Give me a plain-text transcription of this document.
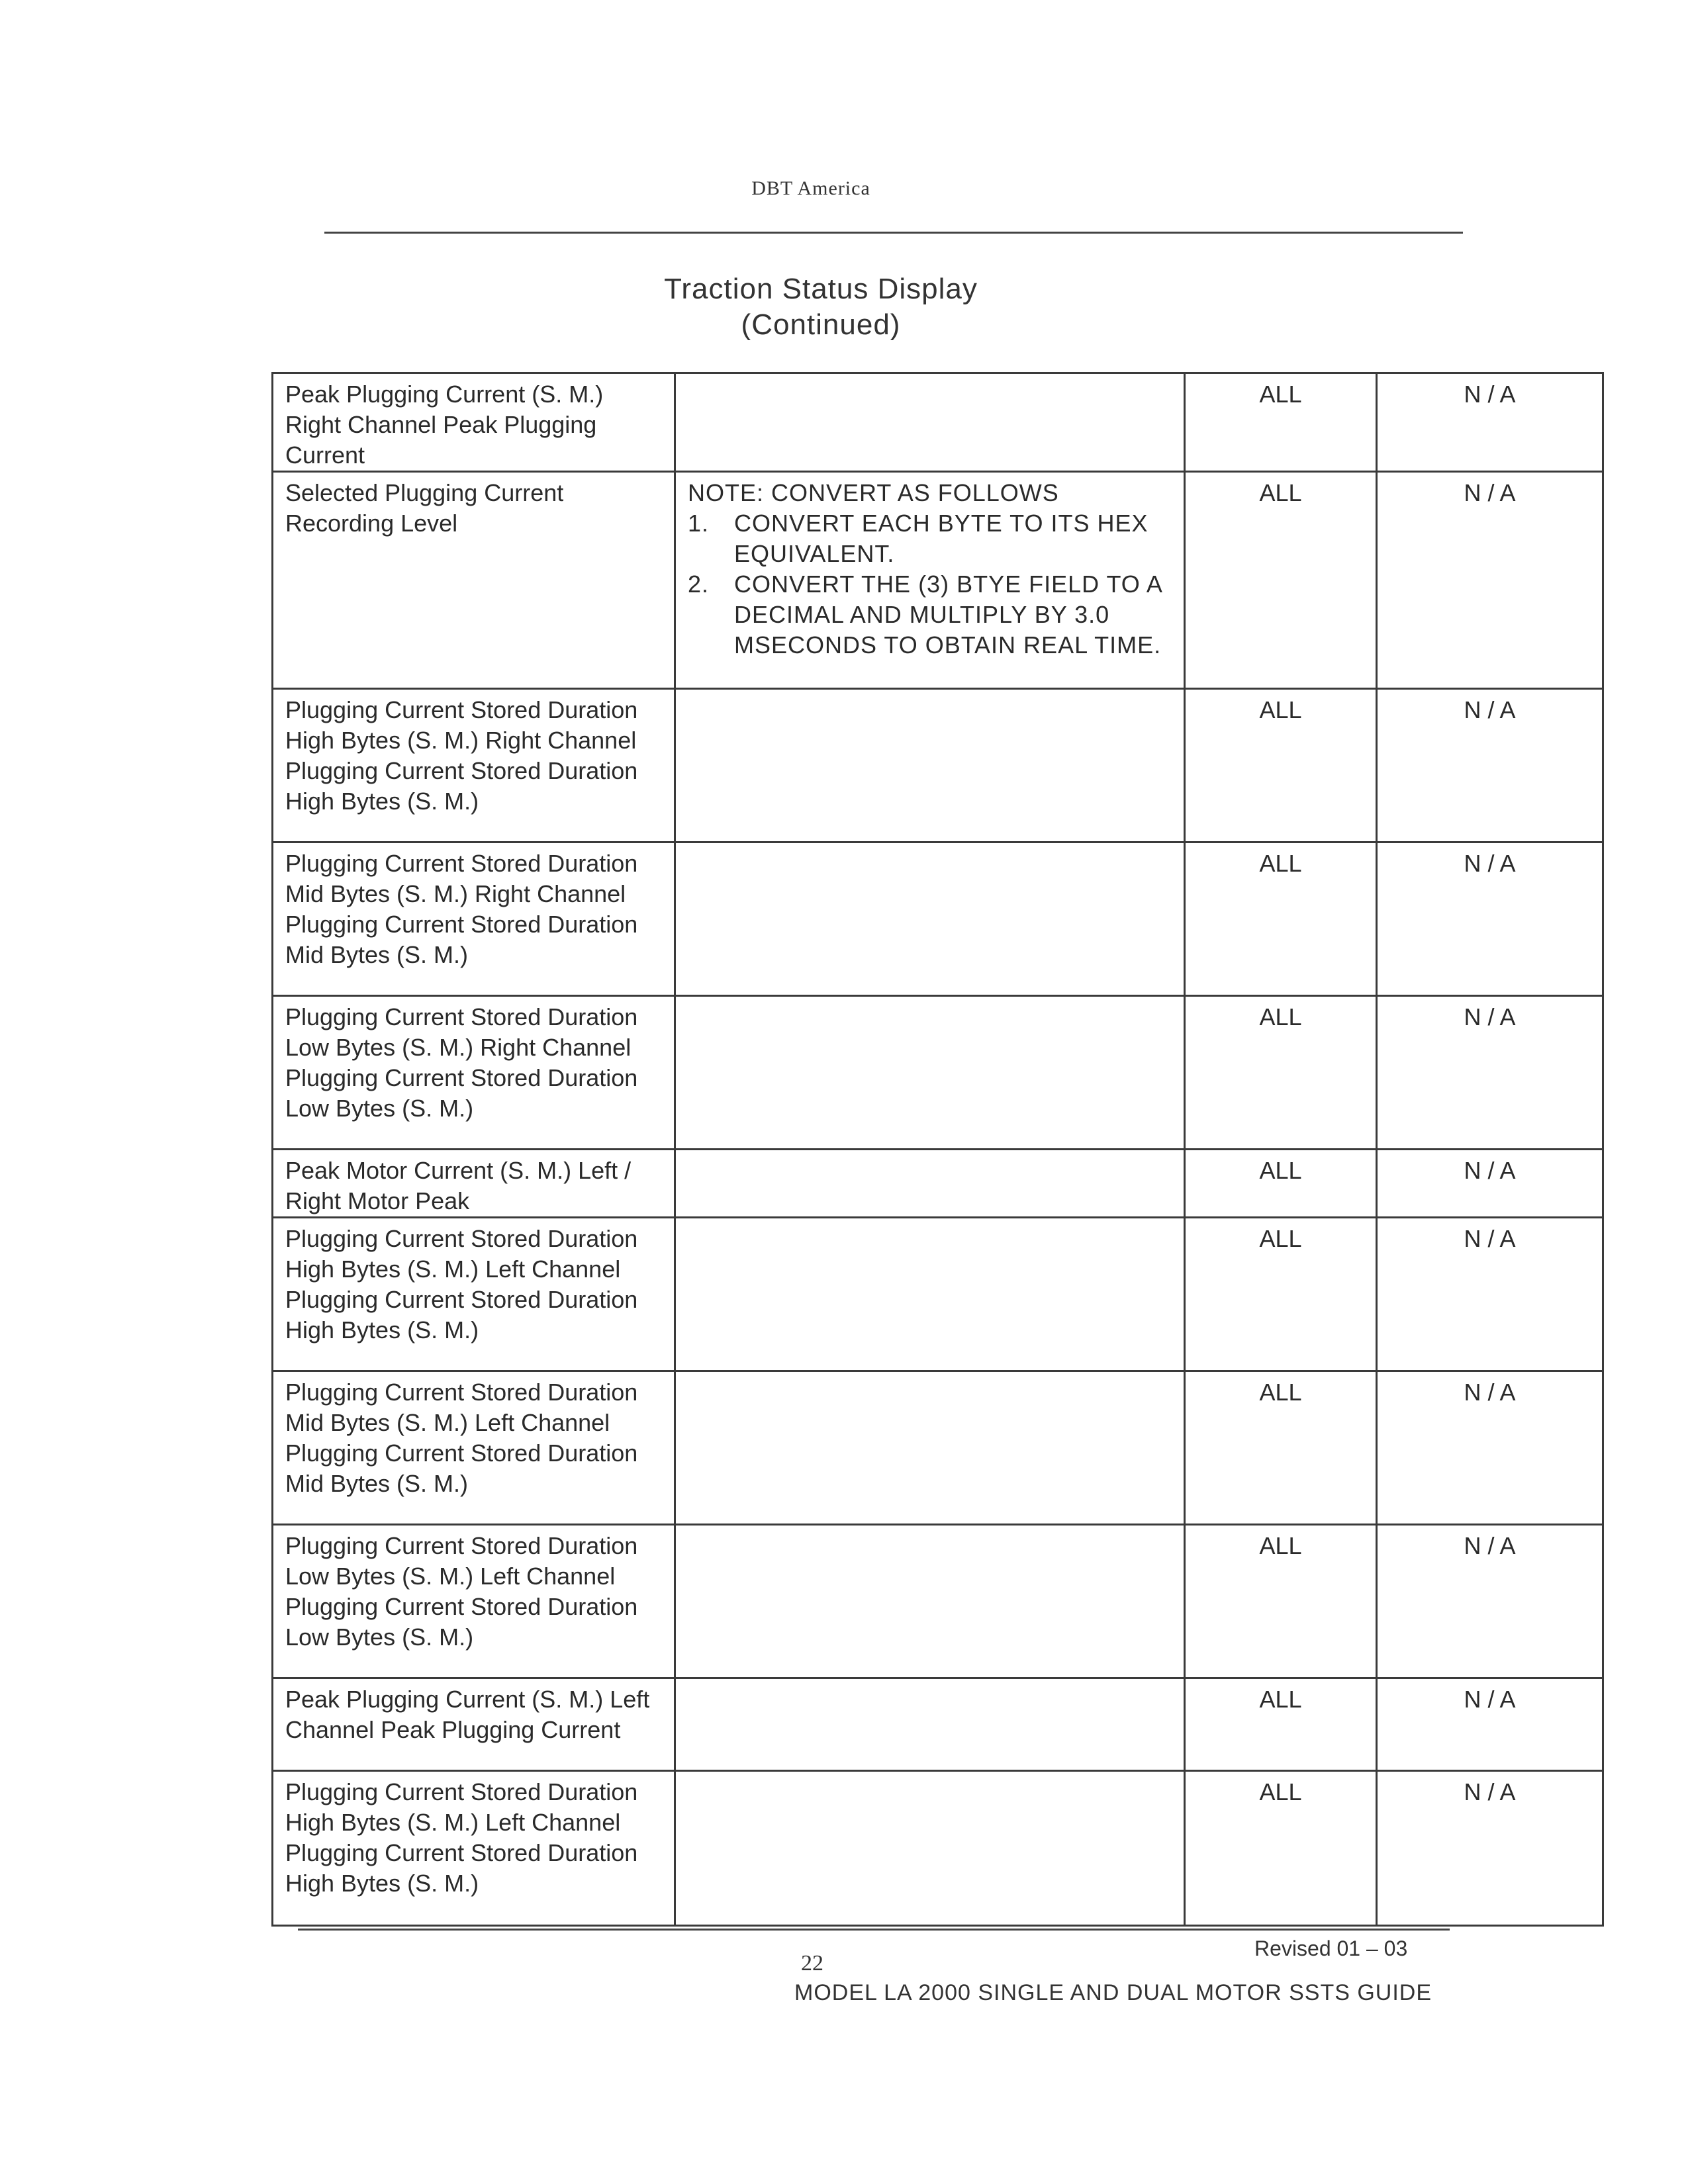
DBT America
Traction Status Display
(Continued)
Peak Plugging Current (S. M.) Right Channel Peak Plugging Current		ALL	N / A
Selected Plugging Current Recording Level	NOTE: CONVERT AS FOLLOWS
1. CONVERT EACH BYTE TO ITS HEX EQUIVALENT.
2. CONVERT THE (3) BTYE FIELD TO A DECIMAL AND MULTIPLY BY 3.0 MSECONDS TO OBTAIN REAL TIME.	ALL	N / A
Plugging Current Stored Duration High Bytes (S. M.) Right Channel Plugging Current Stored Duration High Bytes (S. M.)		ALL	N / A
Plugging Current Stored Duration Mid Bytes (S. M.) Right Channel Plugging Current Stored Duration Mid Bytes (S. M.)		ALL	N / A
Plugging Current Stored Duration Low Bytes (S. M.) Right Channel Plugging Current Stored Duration Low Bytes (S. M.)		ALL	N / A
Peak Motor Current (S. M.) Left / Right Motor Peak		ALL	N / A
Plugging Current Stored Duration High Bytes (S. M.) Left Channel Plugging Current Stored Duration High Bytes (S. M.)		ALL	N / A
Plugging Current Stored Duration Mid Bytes (S. M.) Left Channel Plugging Current Stored Duration Mid Bytes (S. M.)		ALL	N / A
Plugging Current Stored Duration Low Bytes (S. M.) Left Channel Plugging Current Stored Duration Low Bytes (S. M.)		ALL	N / A
Peak Plugging Current (S. M.) Left Channel Peak Plugging Current		ALL	N / A
Plugging Current Stored Duration High Bytes (S. M.) Left Channel Plugging Current Stored Duration High Bytes (S. M.)		ALL	N / A
Revised 01 – 03
22
MODEL LA 2000 SINGLE AND DUAL MOTOR SSTS GUIDE
